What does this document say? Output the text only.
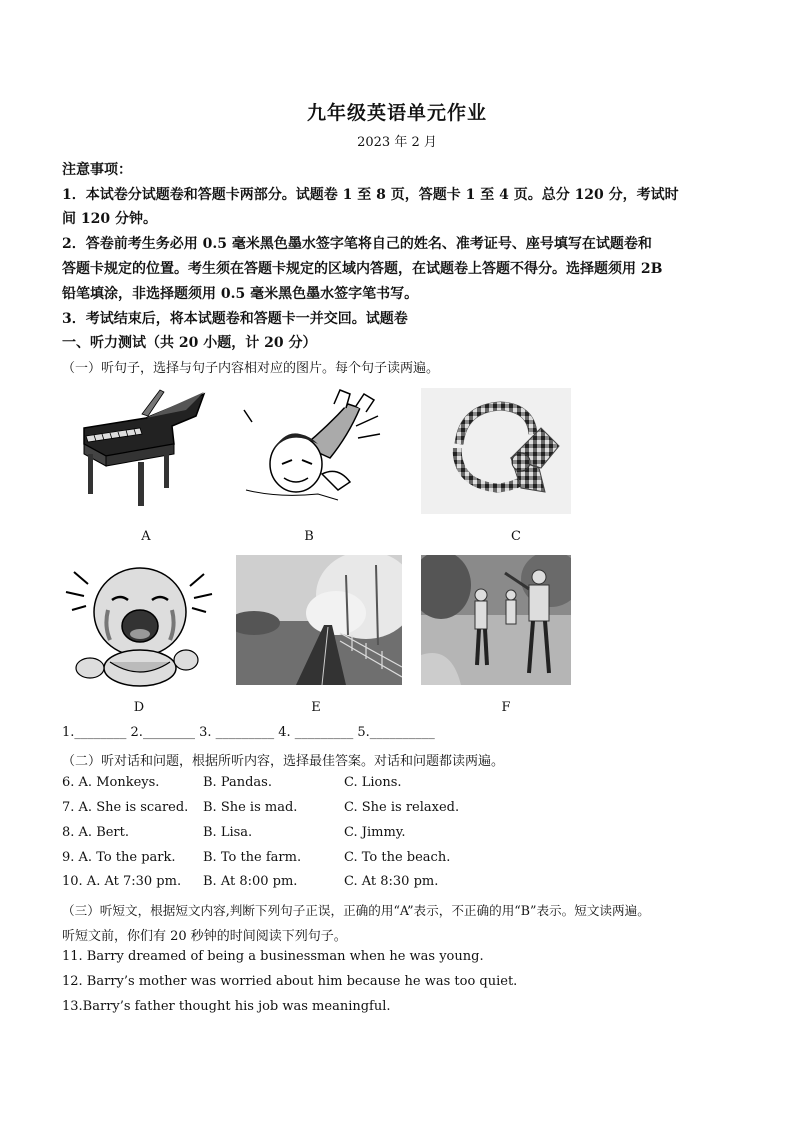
九年级英语单元作业
2023 年 2 月
注意事项：
1．本试卷分试题卷和答题卡两部分。试题卷 1 至 8 页，答题卡 1 至 4 页。总分 120 分，考试时
间 120 分钟。
2．答卷前考生务必用 0.5 毫米黑色墨水签字笔将自己的姓名、准考证号、座号填写在试题卷和
答题卡规定的位置。考生须在答题卡规定的区域内答题，在试题卷上答题不得分。选择题须用 2B
铅笔填涂，非选择题须用 0.5 毫米黑色墨水签字笔书写。
3．考试结束后，将本试题卷和答题卡一并交回。试题卷
一、听力测试（共 20 小题，计 20 分）
（一）听句子，选择与句子内容相对应的图片。每个句子读两遍。
A	B	C
D	E	F
1.________ 2.________ 3. _________ 4. _________ 5.__________
（二）听对话和问题，根据所听内容，选择最佳答案。对话和问题都读两遍。
6. A. Monkeys.	B. Pandas.	C. Lions.
7. A. She is scared. B. She is mad.	C. She is relaxed.
8. A. Bert.	B. Lisa.	C. Jimmy.
9. A. To the park. B. To the farm.	C. To the beach.
10. A. At 7:30 pm. B. At 8:00 pm.	C. At 8:30 pm.
（三）听短文，根据短文内容,判断下列句子正误，正确的用“A”表示，不正确的用“B”表示。短文读两遍。
听短文前，你们有 20 秒钟的时间阅读下列句子。
11. Barry dreamed of being a businessman when he was young.
12. Barry’s mother was worried about him because he was too quiet.
13.Barry’s father thought his job was meaningful.
